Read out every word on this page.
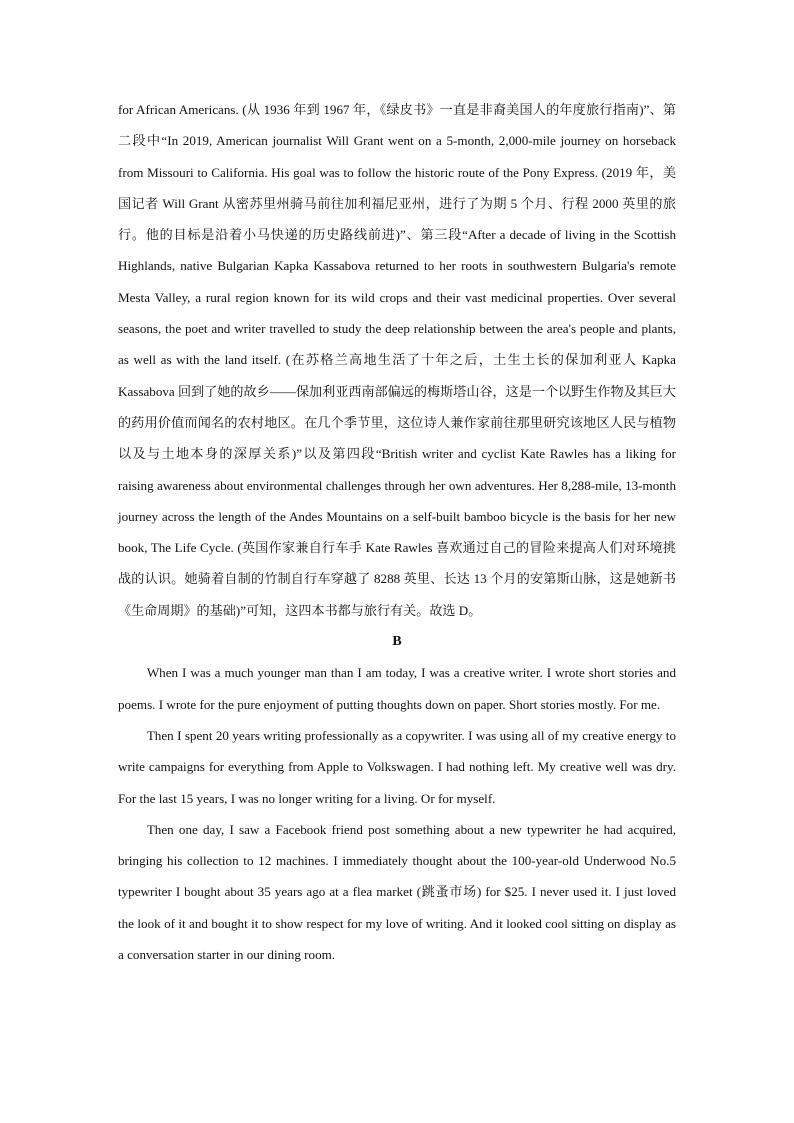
for African Americans. (从 1936 年到 1967 年，《绿皮书》一直是非裔美国人的年度旅行指南)”、第二段中“In 2019, American journalist Will Grant went on a 5-month, 2,000-mile journey on horseback from Missouri to California. His goal was to follow the historic route of the Pony Express. (2019 年，美国记者 Will Grant 从密苏里州骑马前往加利福尼亚州，进行了为期 5 个月、行程 2000 英里的旅行。他的目标是沿着小马快递的历史路线前进)”、第三段“After a decade of living in the Scottish Highlands, native Bulgarian Kapka Kassabova returned to her roots in southwestern Bulgaria's remote Mesta Valley, a rural region known for its wild crops and their vast medicinal properties. Over several seasons, the poet and writer travelled to study the deep relationship between the area's people and plants, as well as with the land itself. (在苏格兰高地生活了十年之后，土生土长的保加利亚人 Kapka Kassabova 回到了她的故乡——保加利亚西南部偏远的梅斯塔山谷，这是一个以野生作物及其巨大的药用价值而闻名的农村地区。在几个季节里，这位诗人兼作家前往那里研究该地区人民与植物以及与土地本身的深厚关系)”以及第四段“British writer and cyclist Kate Rawles has a liking for raising awareness about environmental challenges through her own adventures. Her 8,288-mile, 13-month journey across the length of the Andes Mountains on a self-built bamboo bicycle is the basis for her new book, The Life Cycle. (英国作家兼自行车手 Kate Rawles 喜欢通过自己的冒险来提高人们对环境挑战的认识。她骑着自制的竹制自行车穿越了 8288 英里、长达 13 个月的安第斯山脉，这是她新书《生命周期》的基础)”可知，这四本书都与旅行有关。故选 D。

B

When I was a much younger man than I am today, I was a creative writer. I wrote short stories and poems. I wrote for the pure enjoyment of putting thoughts down on paper. Short stories mostly. For me.

Then I spent 20 years writing professionally as a copywriter. I was using all of my creative energy to write campaigns for everything from Apple to Volkswagen. I had nothing left. My creative well was dry. For the last 15 years, I was no longer writing for a living. Or for myself.

Then one day, I saw a Facebook friend post something about a new typewriter he had acquired, bringing his collection to 12 machines. I immediately thought about the 100-year-old Underwood No.5 typewriter I bought about 35 years ago at a flea market (跳蚤市场) for $25. I never used it. I just loved the look of it and bought it to show respect for my love of writing. And it looked cool sitting on display as a conversation starter in our dining room.
